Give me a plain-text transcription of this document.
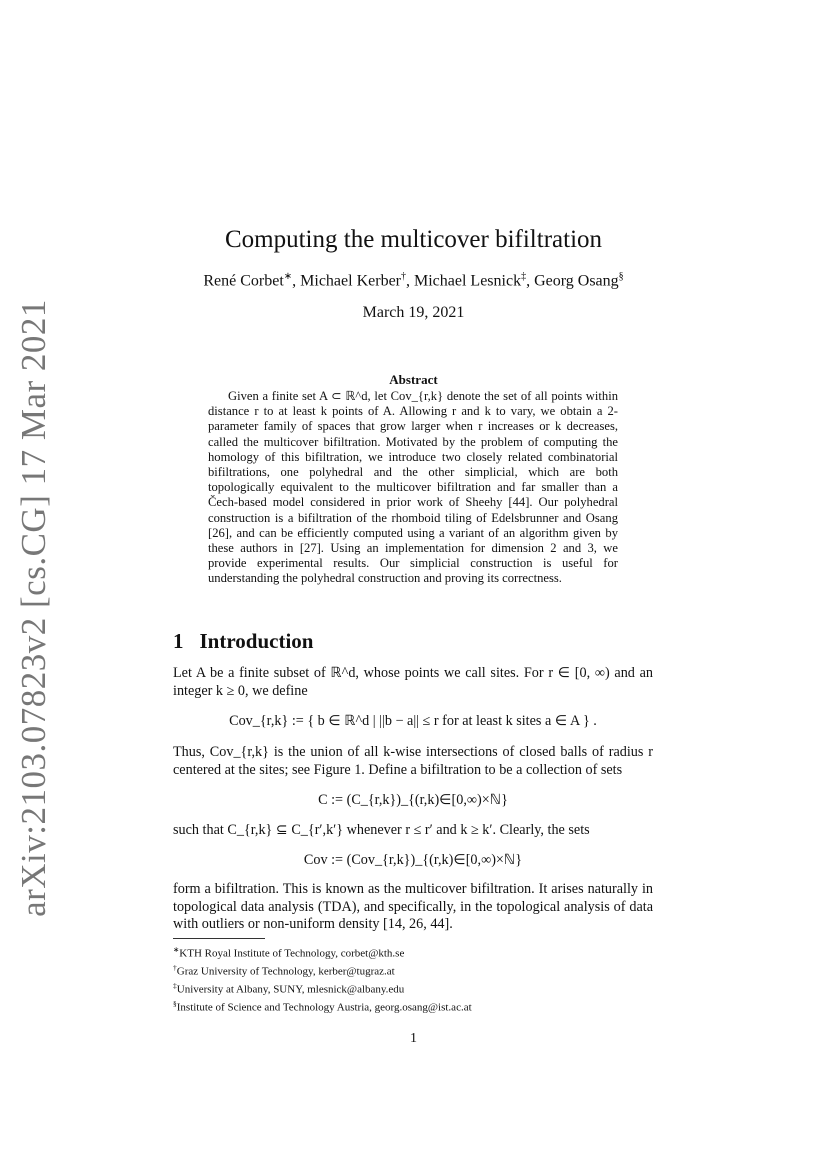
arXiv:2103.07823v2 [cs.CG] 17 Mar 2021
Computing the multicover bifiltration
René Corbet∗, Michael Kerber†, Michael Lesnick‡, Georg Osang§
March 19, 2021
Abstract

Given a finite set A ⊂ ℝ^d, let Cov_{r,k} denote the set of all points within distance r to at least k points of A. Allowing r and k to vary, we obtain a 2-parameter family of spaces that grow larger when r increases or k decreases, called the multicover bifiltration. Motivated by the problem of computing the homology of this bifiltration, we introduce two closely related combinatorial bifiltrations, one polyhedral and the other simplicial, which are both topologically equivalent to the multicover bifiltration and far smaller than a Čech-based model considered in prior work of Sheehy [44]. Our polyhedral construction is a bifiltration of the rhomboid tiling of Edelsbrunner and Osang [26], and can be efficiently computed using a variant of an algorithm given by these authors in [27]. Using an implementation for dimension 2 and 3, we provide experimental results. Our simplicial construction is useful for understanding the polyhedral construction and proving its correctness.

1 Introduction

Let A be a finite subset of ℝ^d, whose points we call sites. For r ∈ [0, ∞) and an integer k ≥ 0, we define

Cov_{r,k} := { b ∈ ℝ^d | ||b − a|| ≤ r for at least k sites a ∈ A } .

Thus, Cov_{r,k} is the union of all k-wise intersections of closed balls of radius r centered at the sites; see Figure 1. Define a bifiltration to be a collection of sets

C := (C_{r,k})_{(r,k)∈[0,∞)×ℕ}

such that C_{r,k} ⊆ C_{r′,k′} whenever r ≤ r′ and k ≥ k′. Clearly, the sets

Cov := (Cov_{r,k})_{(r,k)∈[0,∞)×ℕ}

form a bifiltration. This is known as the multicover bifiltration. It arises naturally in topological data analysis (TDA), and specifically, in the topological analysis of data with outliers or non-uniform density [14, 26, 44].

∗KTH Royal Institute of Technology, corbet@kth.se
†Graz University of Technology, kerber@tugraz.at
‡University at Albany, SUNY, mlesnick@albany.edu
§Institute of Science and Technology Austria, georg.osang@ist.ac.at
1
